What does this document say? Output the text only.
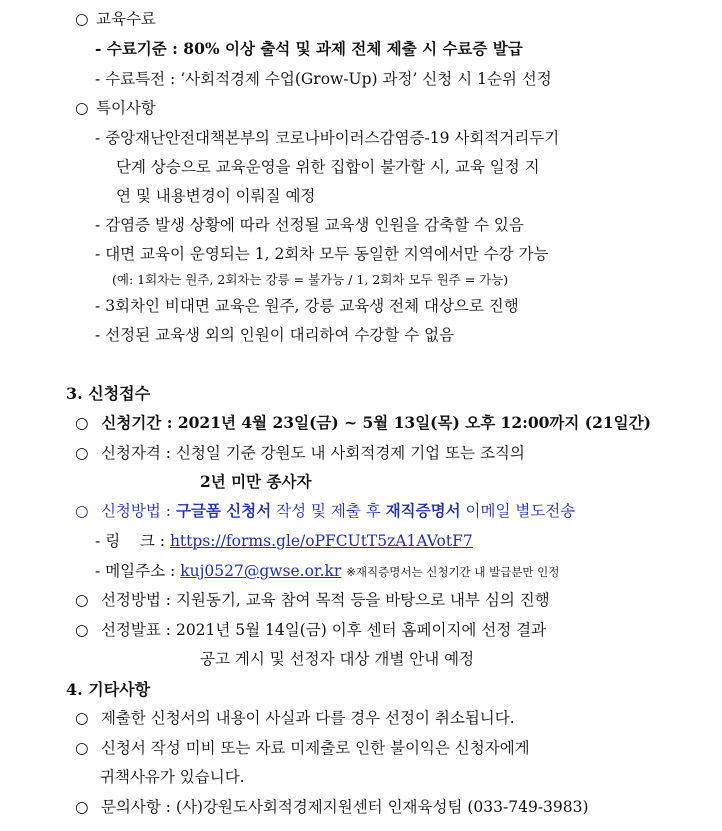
○ 교육수료
- 수료기준 : 80% 이상 출석 및 과제 전체 제출 시 수료증 발급
- 수료특전 : ‘사회적경제 수업(Grow-Up) 과정’ 신청 시 1순위 선정
○ 특이사항
- 중앙재난안전대책본부의 코로나바이러스감염증-19 사회적거리두기
단계 상승으로 교육운영을 위한 집합이 불가할 시, 교육 일정 지
연 및 내용변경이 이뤄질 예정
- 감염증 발생 상황에 따라 선정될 교육생 인원을 감축할 수 있음
- 대면 교육이 운영되는 1, 2회차 모두 동일한 지역에서만 수강 가능
(예: 1회차는 원주, 2회차는 강릉 = 불가능 / 1, 2회차 모두 원주 = 가능)
- 3회차인 비대면 교육은 원주, 강릉 교육생 전체 대상으로 진행
- 선정된 교육생 외의 인원이 대리하여 수강할 수 없음
3. 신청접수
○ 신청기간 : 2021년 4월 23일(금) ~ 5월 13일(목) 오후 12:00까지 (21일간)
○ 신청자격 : 신청일 기준 강원도 내 사회적경제 기업 또는 조직의
2년 미만 종사자
○ 신청방법 : 구글폼 신청서 작성 및 제출 후 재직증명서 이메일 별도전송
- 링    크 : https://forms.gle/oPFCUtT5zA1AVotF7
- 메일주소 : kuj0527@gwse.or.kr ※재직증명서는 신청기간 내 발급분만 인정
○ 선정방법 : 지원동기, 교육 참여 목적 등을 바탕으로 내부 심의 진행
○ 선정발표 : 2021년 5월 14일(금) 이후 센터 홈페이지에 선정 결과
공고 게시 및 선정자 대상 개별 안내 예정
4. 기타사항
○ 제출한 신청서의 내용이 사실과 다를 경우 선정이 취소됩니다.
○ 신청서 작성 미비 또는 자료 미제출로 인한 불이익은 신청자에게
귀책사유가 있습니다.
○ 문의사항 : (사)강원도사회적경제지원센터 인재육성팀 (033-749-3983)
